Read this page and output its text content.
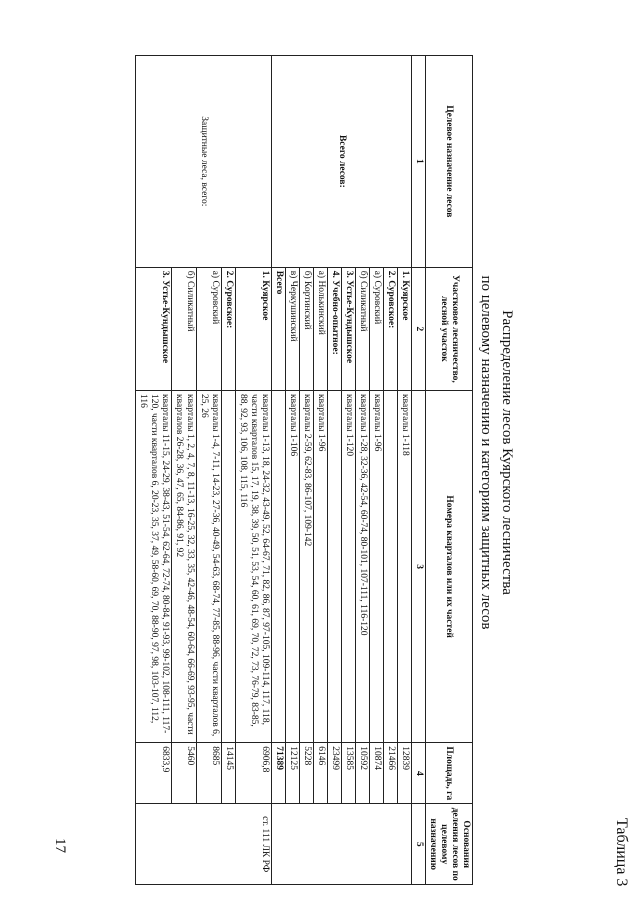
Таблица 3
Распределение лесов Куярского лесничества
по целевому назначению и категориям защитных лесов
Целевое назначение лесов	Участковое лесничество, лесной участок	Номера кварталов или их частей	Площадь, га	Основания деления лесов по целевому назначению
1	2	3	4	5
Всего лесов:	1. Куярское	кварталы 1-118	12839	
	2. Суровское:		21466	
	а) Суровский	кварталы 1-96	10874	
	б) Силикатный	кварталы 1-28, 32-36, 42-54, 60-74, 80-101, 107-111, 116-120	10592	
	3. Устье-Кундышское	кварталы 1-120	13585	
	4. Учебно-опытное:		23499	
	а) Нолькинский	кварталы 1-96	6146	
	б) Кортинский	кварталы 2-59, 62-83, 86-107, 109-142	5228	
	в) Черкушинский	кварталы 1-106	12125	
	Всего		71389	
Защитные леса, всего:	1. Куярское	кварталы 1-13, 18, 24-32, 43-49, 52, 64-67, 71, 82, 86, 87, 97-105, 109-114, 117, 118, части кварталов 15, 17, 19, 38, 39, 50, 51, 53, 54, 60, 61, 69, 70, 72, 73, 76-79, 83-85, 88, 92, 93, 106, 108, 115, 116	6906,8	ст. 111 ЛК РФ
	2. Суровское:		14145	
	а) Суровский	кварталы 1-4, 7-11, 14-23, 27-36, 40-49, 54-63, 68-74, 77-85, 88-96, части кварталов 6, 25, 26	8685	
	б) Силикатный	кварталы 1, 2, 4, 7, 8, 11-13, 16-25, 32, 33, 35, 42-46, 48-54, 60-64, 66-69, 93-95, части кварталов 26-28, 36, 47, 65, 84-86, 91, 92	5460	
	3. Устье-Кундышское	кварталы 11-15, 24-29, 38-43, 51-54, 62-64, 72-74, 80-84, 91-93, 99-102, 108-111, 117-120, части кварталов 6, 20-23, 35, 37, 49, 58-60, 69, 70, 88-90, 97, 98, 103-107, 112, 116	6833,9	
17
